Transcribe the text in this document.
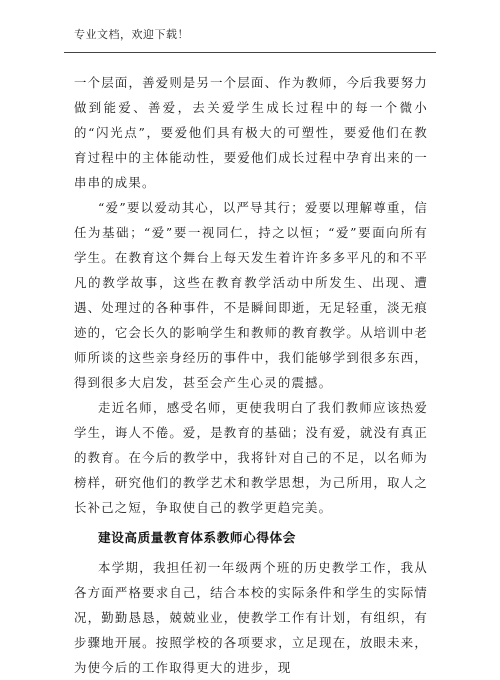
专业文档，欢迎下载！

一个层面，善爱则是另一个层面、作为教师，今后我要努力做到能爱、善爱，去关爱学生成长过程中的每一个微小的“闪光点”，要爱他们具有极大的可塑性，要爱他们在教育过程中的主体能动性，要爱他们成长过程中孕育出来的一串串的成果。

“爱”要以爱动其心，以严导其行；爱要以理解尊重，信任为基础；“爱”要一视同仁，持之以恒；“爱”要面向所有学生。在教育这个舞台上每天发生着许许多多平凡的和不平凡的教学故事，这些在教育教学活动中所发生、出现、遭遇、处理过的各种事件，不是瞬间即逝，无足轻重，淡无痕迹的，它会长久的影响学生和教师的教育教学。从培训中老师所谈的这些亲身经历的事件中，我们能够学到很多东西，得到很多大启发，甚至会产生心灵的震撼。

走近名师，感受名师，更使我明白了我们教师应该热爱学生，诲人不倦。爱，是教育的基础；没有爱，就没有真正的教育。在今后的教学中，我将针对自己的不足，以名师为榜样，研究他们的教学艺术和教学思想，为己所用，取人之长补己之短，争取使自己的教学更趋完美。

建设高质量教育体系教师心得体会

本学期，我担任初一年级两个班的历史教学工作，我从各方面严格要求自己，结合本校的实际条件和学生的实际情况，勤勤恳恳，兢兢业业，使教学工作有计划，有组织，有步骤地开展。按照学校的各项要求，立足现在，放眼未来，为使今后的工作取得更大的进步，现
